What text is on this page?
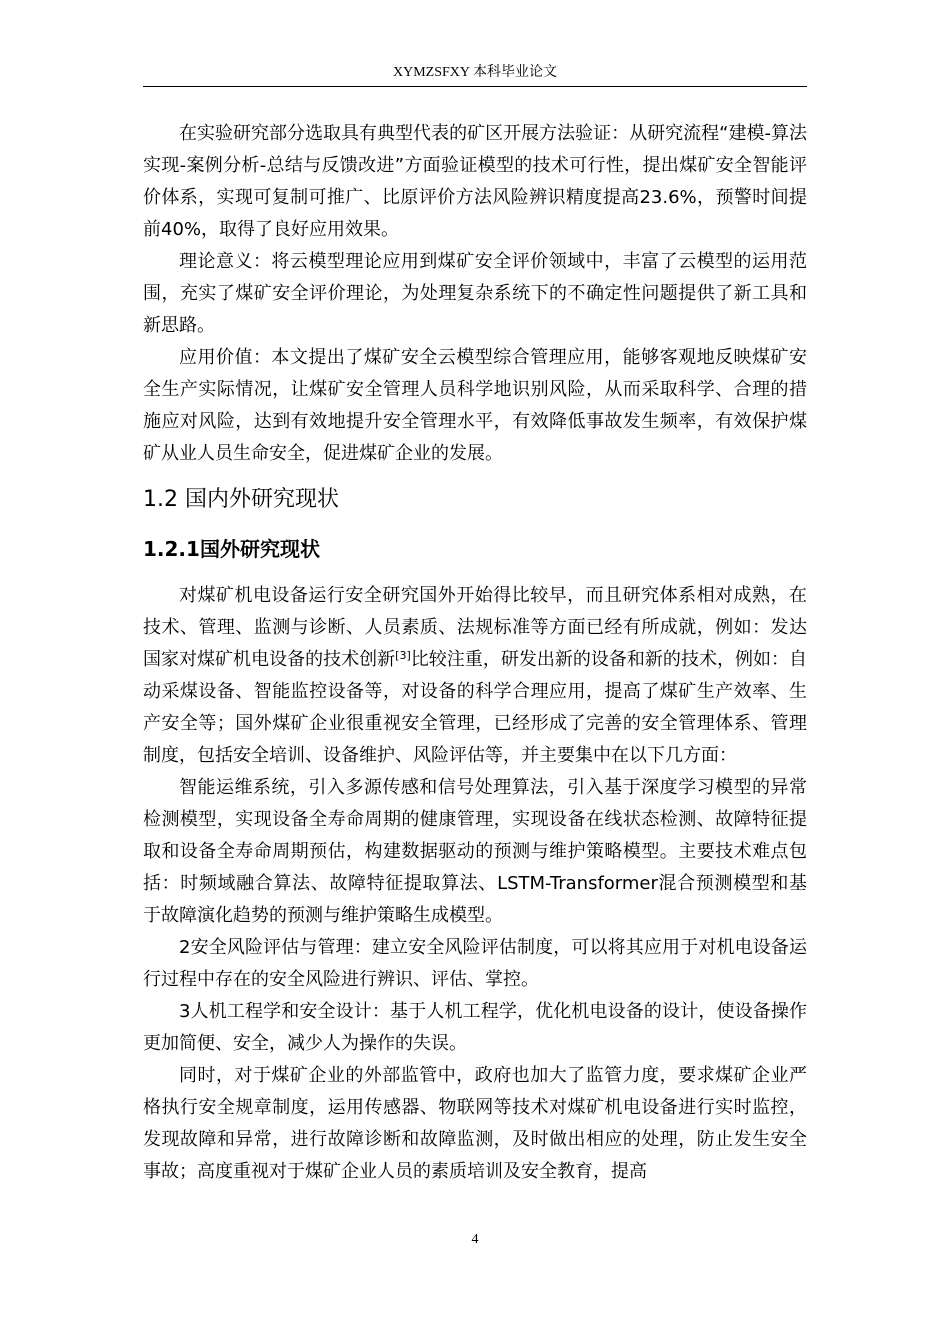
XYMZSFXY 本科毕业论文

在实验研究部分选取具有典型代表的矿区开展方法验证：从研究流程“建模-算法实现-案例分析-总结与反馈改进”方面验证模型的技术可行性，提出煤矿安全智能评价体系，实现可复制可推广、比原评价方法风险辨识精度提高23.6%，预警时间提前40%，取得了良好应用效果。

理论意义：将云模型理论应用到煤矿安全评价领域中，丰富了云模型的运用范围，充实了煤矿安全评价理论，为处理复杂系统下的不确定性问题提供了新工具和新思路。

应用价值：本文提出了煤矿安全云模型综合管理应用，能够客观地反映煤矿安全生产实际情况，让煤矿安全管理人员科学地识别风险，从而采取科学、合理的措施应对风险，达到有效地提升安全管理水平，有效降低事故发生频率，有效保护煤矿从业人员生命安全，促进煤矿企业的发展。

1.2 国内外研究现状
1.2.1国外研究现状

对煤矿机电设备运行安全研究国外开始得比较早，而且研究体系相对成熟，在技术、管理、监测与诊断、人员素质、法规标准等方面已经有所成就，例如：发达国家对煤矿机电设备的技术创新[3]比较注重，研发出新的设备和新的技术，例如：自动采煤设备、智能监控设备等，对设备的科学合理应用，提高了煤矿生产效率、生产安全等；国外煤矿企业很重视安全管理，已经形成了完善的安全管理体系、管理制度，包括安全培训、设备维护、风险评估等，并主要集中在以下几方面：

智能运维系统，引入多源传感和信号处理算法，引入基于深度学习模型的异常检测模型，实现设备全寿命周期的健康管理，实现设备在线状态检测、故障特征提取和设备全寿命周期预估，构建数据驱动的预测与维护策略模型。主要技术难点包括：时频域融合算法、故障特征提取算法、LSTM-Transformer混合预测模型和基于故障演化趋势的预测与维护策略生成模型。

2安全风险评估与管理：建立安全风险评估制度，可以将其应用于对机电设备运行过程中存在的安全风险进行辨识、评估、掌控。

3人机工程学和安全设计：基于人机工程学，优化机电设备的设计，使设备操作更加简便、安全，减少人为操作的失误。

同时，对于煤矿企业的外部监管中，政府也加大了监管力度，要求煤矿企业严格执行安全规章制度，运用传感器、物联网等技术对煤矿机电设备进行实时监控，发现故障和异常，进行故障诊断和故障监测，及时做出相应的处理，防止发生安全事故；高度重视对于煤矿企业人员的素质培训及安全教育，提高

4
